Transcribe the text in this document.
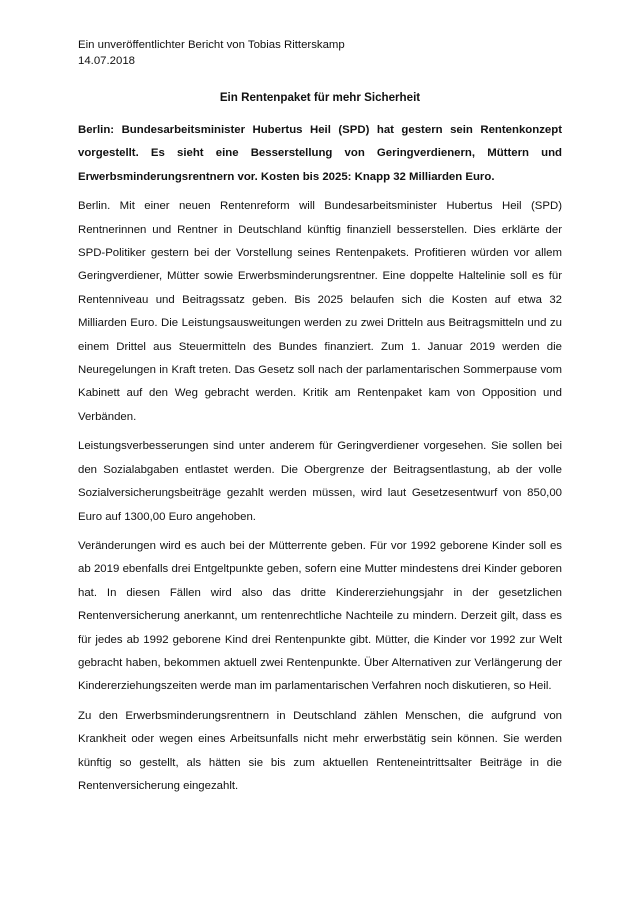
Ein unveröffentlichter Bericht von Tobias Ritterskamp

14.07.2018

Ein Rentenpaket für mehr Sicherheit

Berlin: Bundesarbeitsminister Hubertus Heil (SPD) hat gestern sein Rentenkonzept vorgestellt. Es sieht eine Besserstellung von Geringverdienern, Müttern und Erwerbsminderungsrentnern vor. Kosten bis 2025: Knapp 32 Milliarden Euro.

Berlin. Mit einer neuen Rentenreform will Bundesarbeitsminister Hubertus Heil (SPD) Rentnerinnen und Rentner in Deutschland künftig finanziell besserstellen. Dies erklärte der SPD-Politiker gestern bei der Vorstellung seines Rentenpakets. Profitieren würden vor allem Geringverdiener, Mütter sowie Erwerbsminderungsrentner. Eine doppelte Haltelinie soll es für Rentenniveau und Beitragssatz geben. Bis 2025 belaufen sich die Kosten auf etwa 32 Milliarden Euro. Die Leistungsausweitungen werden zu zwei Dritteln aus Beitragsmitteln und zu einem Drittel aus Steuermitteln des Bundes finanziert. Zum 1. Januar 2019 werden die Neuregelungen in Kraft treten. Das Gesetz soll nach der parlamentarischen Sommerpause vom Kabinett auf den Weg gebracht werden. Kritik am Rentenpaket kam von Opposition und Verbänden.

Leistungsverbesserungen sind unter anderem für Geringverdiener vorgesehen. Sie sollen bei den Sozialabgaben entlastet werden. Die Obergrenze der Beitragsentlastung, ab der volle Sozialversicherungsbeiträge gezahlt werden müssen, wird laut Gesetzesentwurf von 850,00 Euro auf 1300,00 Euro angehoben.

Veränderungen wird es auch bei der Mütterrente geben. Für vor 1992 geborene Kinder soll es ab 2019 ebenfalls drei Entgeltpunkte geben, sofern eine Mutter mindestens drei Kinder geboren hat. In diesen Fällen wird also das dritte Kindererziehungsjahr in der gesetzlichen Rentenversicherung anerkannt, um rentenrechtliche Nachteile zu mindern. Derzeit gilt, dass es für jedes ab 1992 geborene Kind drei Rentenpunkte gibt. Mütter, die Kinder vor 1992 zur Welt gebracht haben, bekommen aktuell zwei Rentenpunkte. Über Alternativen zur Verlängerung der Kindererziehungszeiten werde man im parlamentarischen Verfahren noch diskutieren, so Heil.

Zu den Erwerbsminderungsrentnern in Deutschland zählen Menschen, die aufgrund von Krankheit oder wegen eines Arbeitsunfalls nicht mehr erwerbstätig sein können. Sie werden künftig so gestellt, als hätten sie bis zum aktuellen Renteneintrittsalter Beiträge in die Rentenversicherung eingezahlt.
